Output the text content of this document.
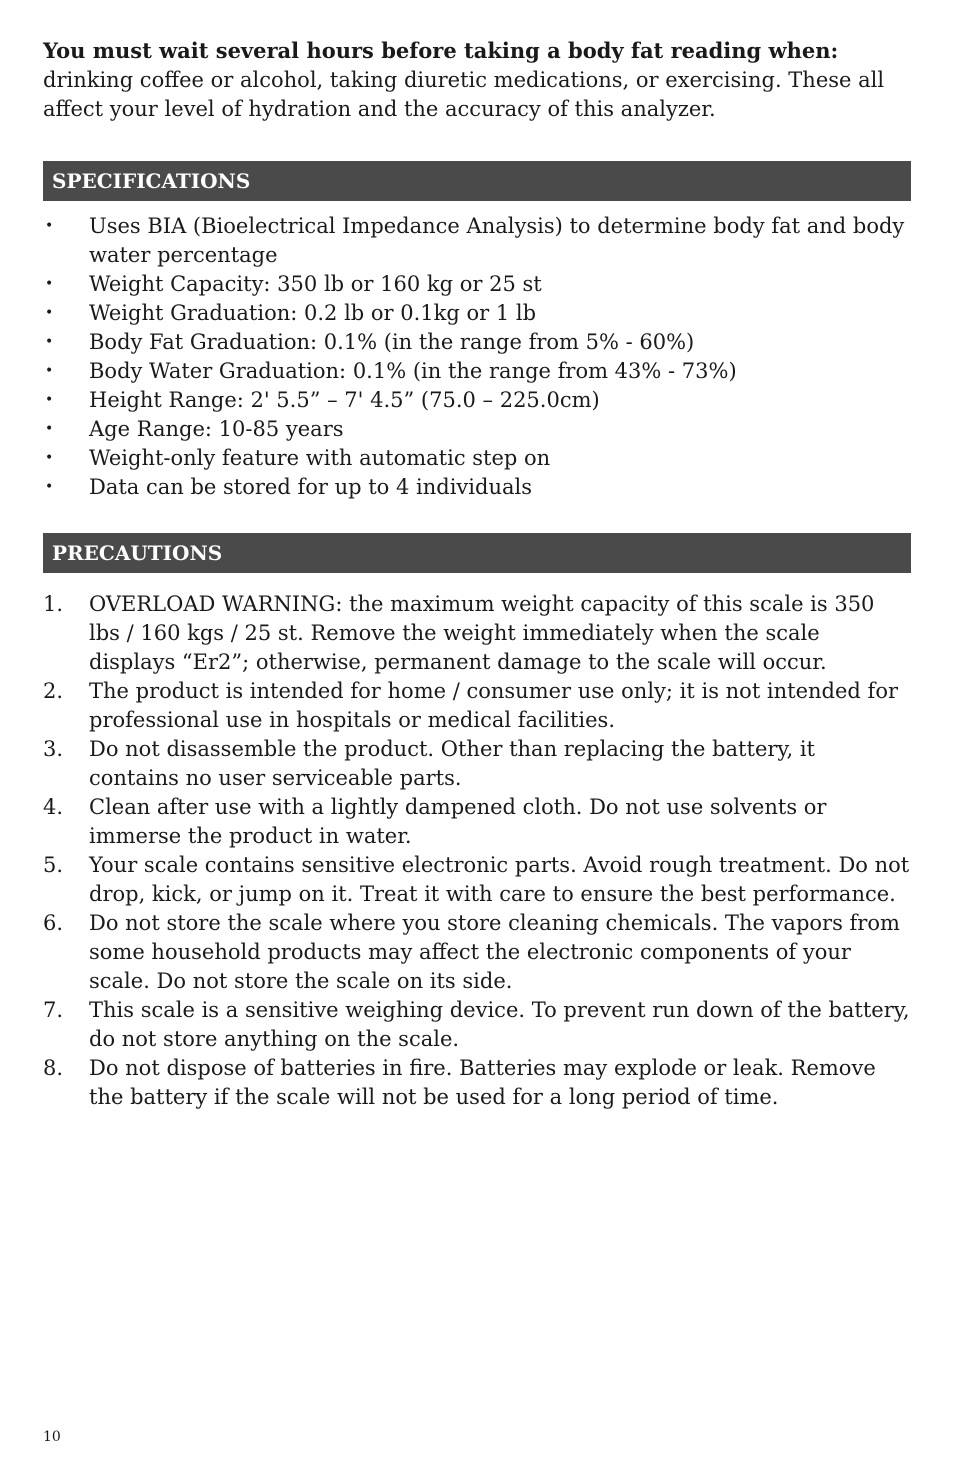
You must wait several hours before taking a body fat reading when: drinking coffee or alcohol, taking diuretic medications, or exercising. These all affect your level of hydration and the accuracy of this analyzer.

SPECIFICATIONS
•	Uses BIA (Bioelectrical Impedance Analysis) to determine body fat and body water percentage
•	Weight Capacity: 350 lb or 160 kg or 25 st
•	Weight Graduation: 0.2 lb or 0.1kg or 1 lb
•	Body Fat Graduation: 0.1% (in the range from 5% - 60%)
•	Body Water Graduation: 0.1% (in the range from 43% - 73%)
•	Height Range: 2' 5.5” – 7' 4.5” (75.0 – 225.0cm)
•	Age Range: 10-85 years
•	Weight-only feature with automatic step on
•	Data can be stored for up to 4 individuals
PRECAUTIONS
1.	OVERLOAD WARNING: the maximum weight capacity of this scale is 350 lbs / 160 kgs / 25 st. Remove the weight immediately when the scale displays “Er2”; otherwise, permanent damage to the scale will occur.
2.	The product is intended for home / consumer use only; it is not intended for professional use in hospitals or medical facilities.
3.	Do not disassemble the product. Other than replacing the battery, it contains no user serviceable parts.
4.	Clean after use with a lightly dampened cloth. Do not use solvents or immerse the product in water.
5.	Your scale contains sensitive electronic parts. Avoid rough treatment. Do not drop, kick, or jump on it. Treat it with care to ensure the best performance.
6.	Do not store the scale where you store cleaning chemicals. The vapors from some household products may affect the electronic components of your scale. Do not store the scale on its side.
7.	This scale is a sensitive weighing device. To prevent run down of the battery, do not store anything on the scale.
8.	Do not dispose of batteries in fire. Batteries may explode or leak. Remove the battery if the scale will not be used for a long period of time.
10
